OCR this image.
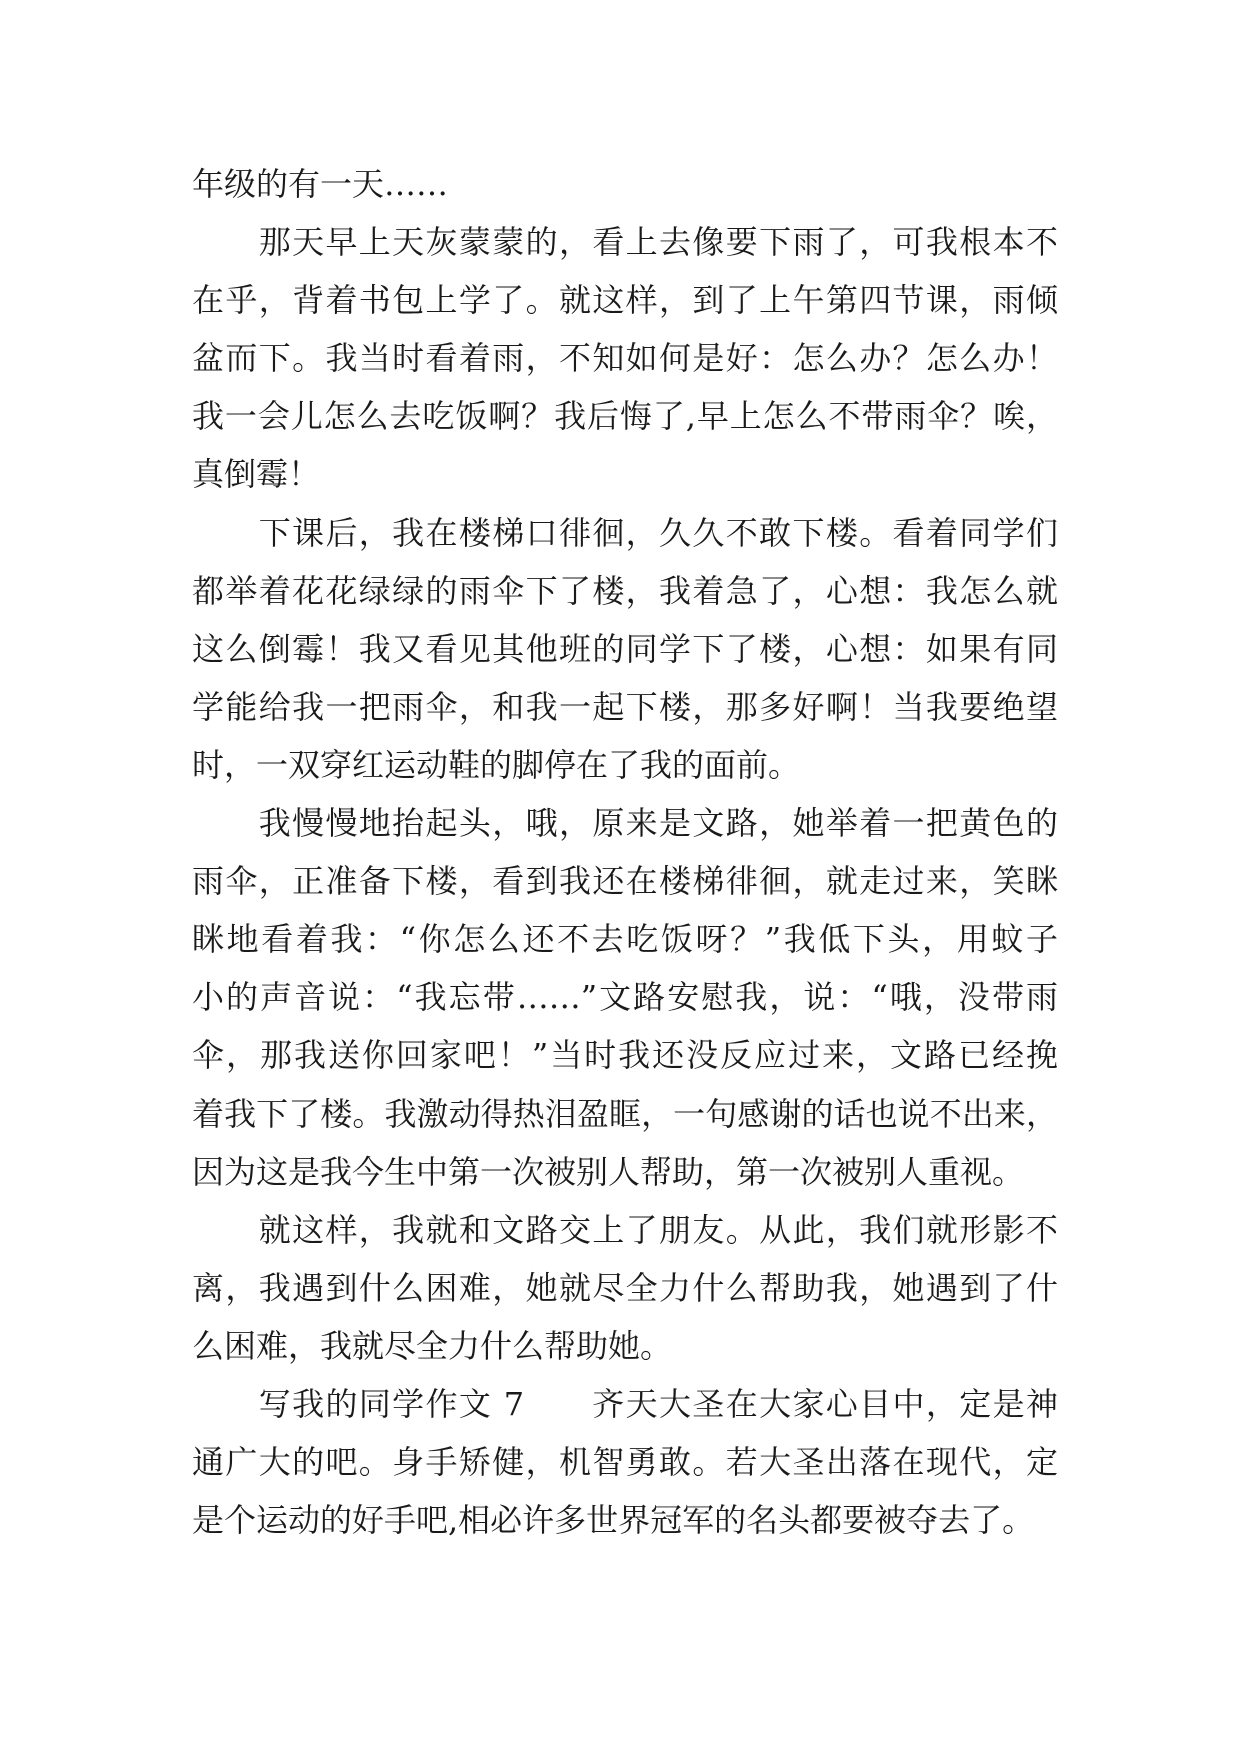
年级的有一天……
　　那天早上天灰蒙蒙的，看上去像要下雨了，可我根本不
在乎，背着书包上学了。就这样，到了上午第四节课，雨倾
盆而下。我当时看着雨，不知如何是好：怎么办？怎么办！
我一会儿怎么去吃饭啊？我后悔了,早上怎么不带雨伞？唉，
真倒霉！
　　下课后，我在楼梯口徘徊，久久不敢下楼。看着同学们
都举着花花绿绿的雨伞下了楼，我着急了，心想：我怎么就
这么倒霉！我又看见其他班的同学下了楼，心想：如果有同
学能给我一把雨伞，和我一起下楼，那多好啊！当我要绝望
时，一双穿红运动鞋的脚停在了我的面前。
　　我慢慢地抬起头，哦，原来是文路，她举着一把黄色的
雨伞，正准备下楼，看到我还在楼梯徘徊，就走过来，笑眯
眯地看着我：“你怎么还不去吃饭呀？”我低下头，用蚊子
小的声音说：“我忘带……”文路安慰我，说：“哦，没带雨
伞，那我送你回家吧！”当时我还没反应过来，文路已经挽
着我下了楼。我激动得热泪盈眶，一句感谢的话也说不出来，
因为这是我今生中第一次被别人帮助，第一次被别人重视。
　　就这样，我就和文路交上了朋友。从此，我们就形影不
离，我遇到什么困难，她就尽全力什么帮助我，她遇到了什
么困难，我就尽全力什么帮助她。
　　写我的同学作文 7　　齐天大圣在大家心目中，定是神
通广大的吧。身手矫健，机智勇敢。若大圣出落在现代，定
是个运动的好手吧,相必许多世界冠军的名头都要被夺去了。
